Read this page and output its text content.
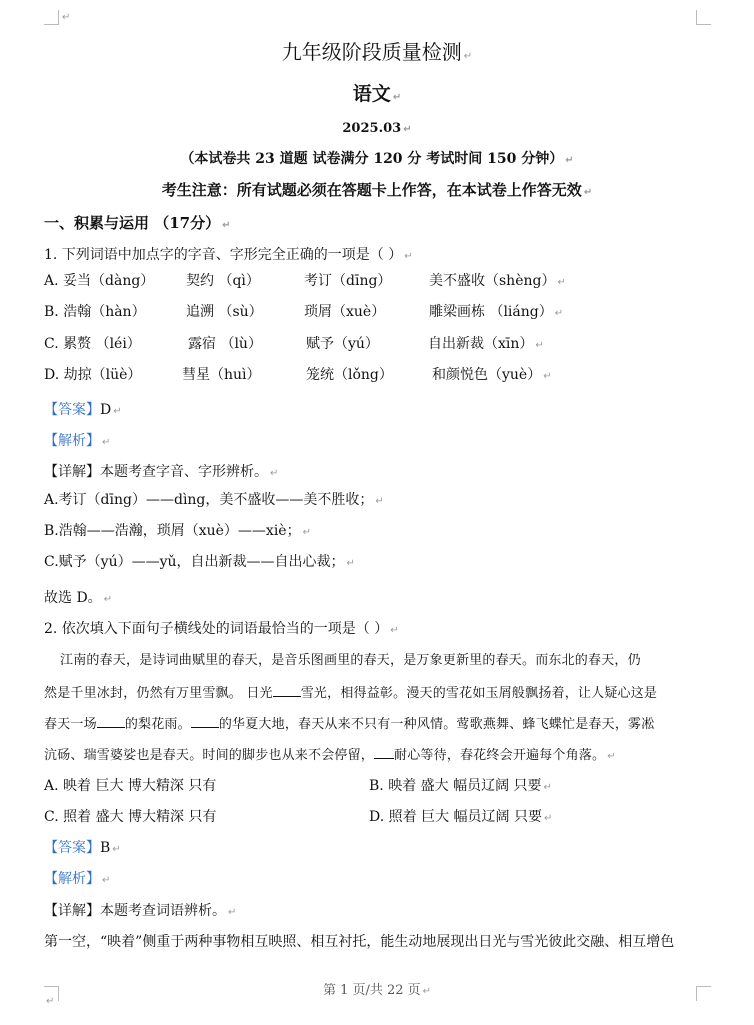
↵
九年级阶段质量检测 ↵
语文 ↵
2025.03 ↵
（本试卷共 23 道题 试卷满分 120 分 考试时间 150 分钟） ↵
考生注意：所有试题必须在答题卡上作答，在本试卷上作答无效 ↵
一、积累与运用 （17分） ↵
1. 下列词语中加点字的字音、字形完全正确的一项是（ ） ↵
A. 妥当（dàng） 契约 （qì）	考订（dīng）	美不盛收（shèng） ↵
B. 浩翰（hàn）	追溯 （sù）	琐屑（xuè）	雕梁画栋 （liáng） ↵
C. 累赘 （léi）	露宿 （lù）	赋予（yú）	自出新裁（xīn） ↵
D. 劫掠（lüè）	彗星（huì）	笼统（lǒng）	和颜悦色（yuè） ↵
【答案】D ↵
【解析】 ↵
【详解】本题考查字音、字形辨析。 ↵
A.考订（dīng）——dìng，美不盛收——美不胜收； ↵
B.浩翰——浩瀚，琐屑（xuè）——xiè； ↵
C.赋予（yú）——yǔ，自出新裁——自出心裁； ↵
故选 D。 ↵
2. 依次填入下面句子横线处的词语最恰当的一项是（ ） ↵
江南的春天，是诗词曲赋里的春天，是音乐图画里的春天，是万象更新里的春天。而东北的春天，仍
然是千里冰封，仍然有万里雪飘。 日光 雪光，相得益彰。漫天的雪花如玉屑般飘扬着，让人疑心这是
春天一场 的梨花雨。 的华夏大地，春天从来不只有一种风情。莺歌燕舞、蜂飞蝶忙是春天，雾凇
沆砀、瑞雪婆娑也是春天。时间的脚步也从来不会停留， 耐心等待，春花终会开遍每个角落。 ↵
A. 映着 巨大 博大精深 只有	B. 映着 盛大 幅员辽阔 只要 ↵
C. 照着 盛大 博大精深 只有	D. 照着 巨大 幅员辽阔 只要 ↵
【答案】B ↵
【解析】 ↵
【详解】本题考查词语辨析。 ↵
第一空，“映着”侧重于两种事物相互映照、相互衬托，能生动地展现出日光与雪光彼此交融、相互增色
第 1 页/共 22 页 ↵
↵
